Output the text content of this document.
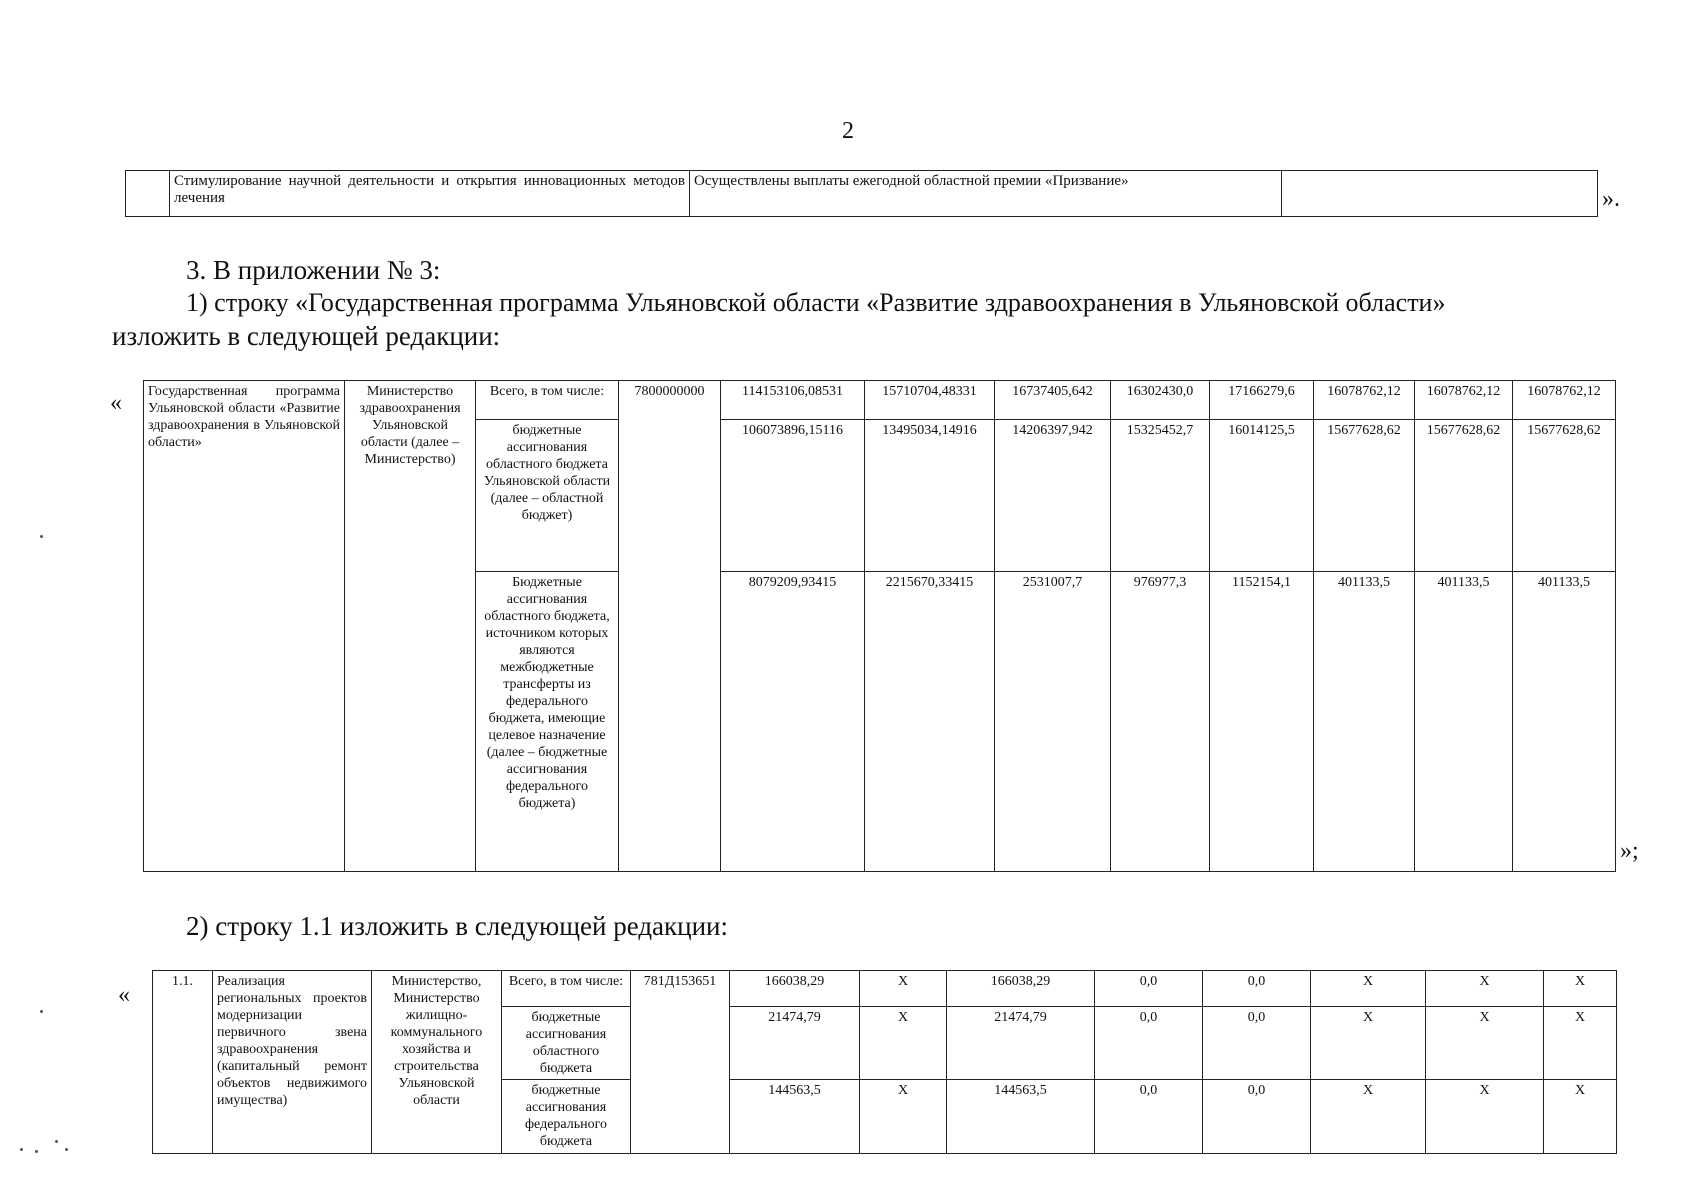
2
	Стимулирование научной деятельности и открытия инновационных методов лечения	Осуществлены выплаты ежегодной областной премии «Призвание»	
».
3. В приложении № 3:
1) строку «Государственная программа Ульяновской области «Развитие здравоохранения в Ульяновской области»
изложить в следующей редакции:
« Государственная программа Ульяновской области «Развитие здравоохранения в Ульяновской области»	Министерство здравоохранения Ульяновской области (далее – Министерство)	Всего, в том числе:	7800000000	114153106,08531	15710704,48331	16737405,642	16302430,0	17166279,6	16078762,12	16078762,12	16078762,12
		бюджетные ассигнования областного бюджета Ульяновской области (далее – областной бюджет)		106073896,15116	13495034,14916	14206397,942	15325452,7	16014125,5	15677628,62	15677628,62	15677628,62
		Бюджетные ассигнования областного бюджета, источником которых являются межбюджетные трансферты из федерального бюджета, имеющие целевое назначение (далее – бюджетные ассигнования федерального бюджета)		8079209,93415	2215670,33415	2531007,7	976977,3	1152154,1	401133,5	401133,5	401133,5
»;
2) строку 1.1 изложить в следующей редакции:
«
1.1.	Реализация региональных проектов модернизации первичного звена здравоохранения (капитальный ремонт объектов недвижимого имущества)	Министерство, Министерство жилищно-коммунального хозяйства и строительства Ульяновской области	Всего, в том числе:	781Д153651	166038,29	X	166038,29	0,0	0,0	X	X	X
			бюджетные ассигнования областного бюджета		21474,79	X	21474,79	0,0	0,0	X	X	X
			бюджетные ассигнования федерального бюджета		144563,5	X	144563,5	0,0	0,0	X	X	X
